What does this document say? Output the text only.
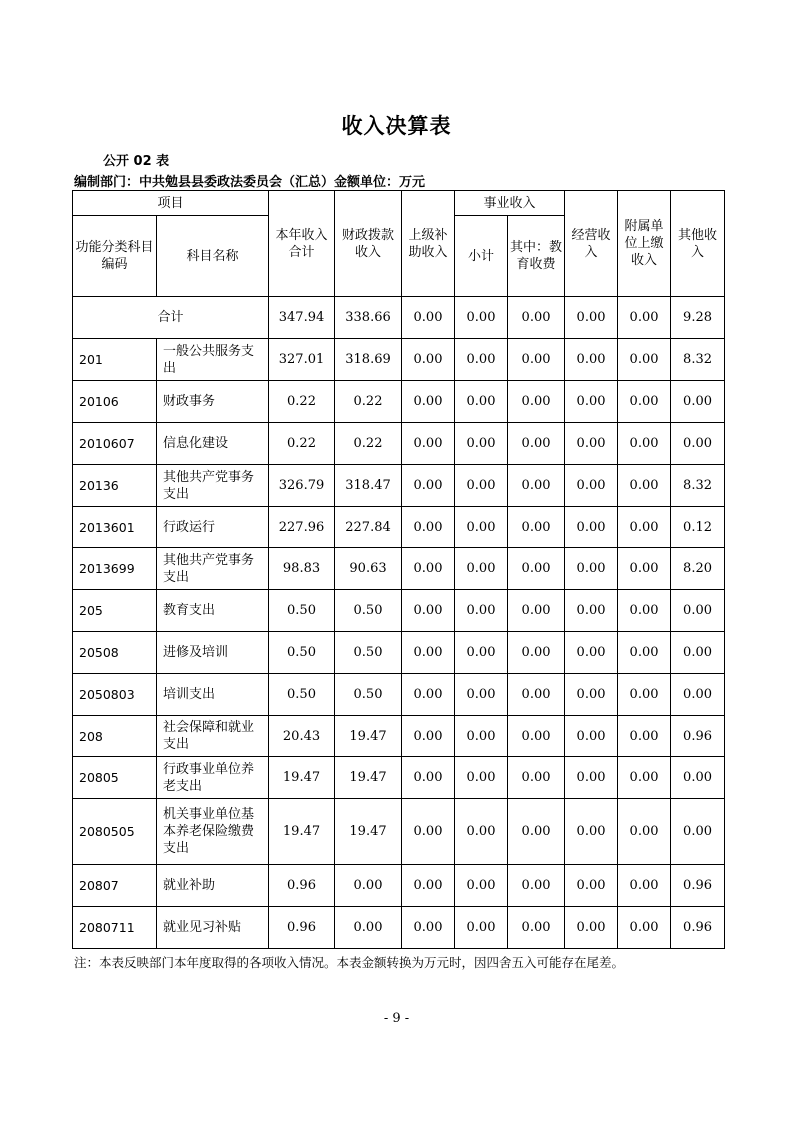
收入决算表
公开 02 表
编制部门：中共勉县县委政法委员会（汇总）金额单位：万元
项目		本年收入合计	财政拨款收入	上级补助收入	事业收入		经营收入	附属单位上缴收入	其他收入
功能分类科目编码	科目名称				小计	其中：教育收费			

合计		347.94	338.66	0.00	0.00	0.00	0.00	0.00	9.28
201	一般公共服务支出	327.01	318.69	0.00	0.00	0.00	0.00	0.00	8.32
20106	财政事务	0.22	0.22	0.00	0.00	0.00	0.00	0.00	0.00
2010607	信息化建设	0.22	0.22	0.00	0.00	0.00	0.00	0.00	0.00
20136	其他共产党事务支出	326.79	318.47	0.00	0.00	0.00	0.00	0.00	8.32
2013601	行政运行	227.96	227.84	0.00	0.00	0.00	0.00	0.00	0.12
2013699	其他共产党事务支出	98.83	90.63	0.00	0.00	0.00	0.00	0.00	8.20
205	教育支出	0.50	0.50	0.00	0.00	0.00	0.00	0.00	0.00
20508	进修及培训	0.50	0.50	0.00	0.00	0.00	0.00	0.00	0.00
2050803	培训支出	0.50	0.50	0.00	0.00	0.00	0.00	0.00	0.00
208	社会保障和就业支出	20.43	19.47	0.00	0.00	0.00	0.00	0.00	0.96
20805	行政事业单位养老支出	19.47	19.47	0.00	0.00	0.00	0.00	0.00	0.00
2080505	机关事业单位基本养老保险缴费支出	19.47	19.47	0.00	0.00	0.00	0.00	0.00	0.00
20807	就业补助	0.96	0.00	0.00	0.00	0.00	0.00	0.00	0.96
2080711	就业见习补贴	0.96	0.00	0.00	0.00	0.00	0.00	0.00	0.96
注：本表反映部门本年度取得的各项收入情况。本表金额转换为万元时，因四舍五入可能存在尾差。
- 9 -
